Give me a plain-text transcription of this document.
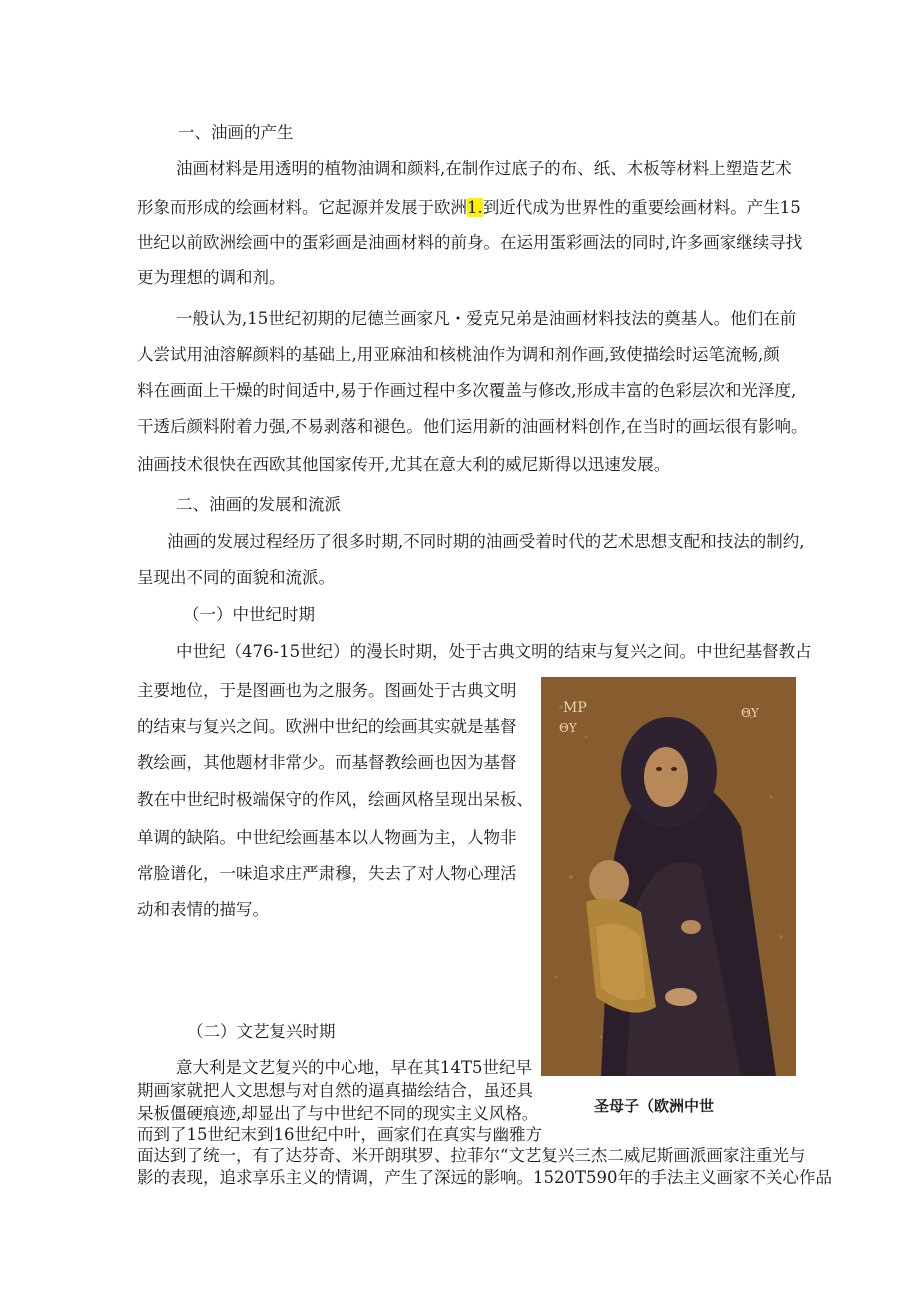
一、油画的产生
油画材料是用透明的植物油调和颜料,在制作过底子的布、纸、木板等材料上塑造艺术
形象而形成的绘画材料。它起源并发展于欧洲1.到近代成为世界性的重要绘画材料。产生15
世纪以前欧洲绘画中的蛋彩画是油画材料的前身。在运用蛋彩画法的同时,许多画家继续寻找
更为理想的调和剂。
一般认为,15世纪初期的尼德兰画家凡・爱克兄弟是油画材料技法的奠基人。他们在前
人尝试用油溶解颜料的基础上,用亚麻油和核桃油作为调和剂作画,致使描绘时运笔流畅,颜
料在画面上干燥的时间适中,易于作画过程中多次覆盖与修改,形成丰富的色彩层次和光泽度,
干透后颜料附着力强,不易剥落和褪色。他们运用新的油画材料创作,在当时的画坛很有影响。
油画技术很快在西欧其他国家传开,尤其在意大利的威尼斯得以迅速发展。
二、油画的发展和流派
油画的发展过程经历了很多时期,不同时期的油画受着时代的艺术思想支配和技法的制约,
呈现出不同的面貌和流派。
（一）中世纪时期
中世纪（476-15世纪）的漫长时期，处于古典文明的结束与复兴之间。中世纪基督教占
主要地位，于是图画也为之服务。图画处于古典文明
的结束与复兴之间。欧洲中世纪的绘画其实就是基督
教绘画，其他题材非常少。而基督教绘画也因为基督
教在中世纪时极端保守的作风，绘画风格呈现出呆板、
单调的缺陷。中世纪绘画基本以人物画为主，人物非
常脸谱化，一味追求庄严肃穆，失去了对人物心理活
动和表情的描写。
MP
ΘΥ
ΘΥ
（二）文艺复兴时期
意大利是文艺复兴的中心地，早在其14T5世纪早
期画家就把人文思想与对自然的逼真描绘结合，虽还具
呆板僵硬痕迹,却显出了与中世纪不同的现实主义风格。	圣母子（欧洲中世
而到了15世纪末到16世纪中叶，画家们在真实与幽雅方
面达到了统一，有了达芬奇、米开朗琪罗、拉菲尔“文艺复兴三杰二威尼斯画派画家注重光与
影的表现，追求享乐主义的情调，产生了深远的影响。1520T590年的手法主义画家不关心作品
